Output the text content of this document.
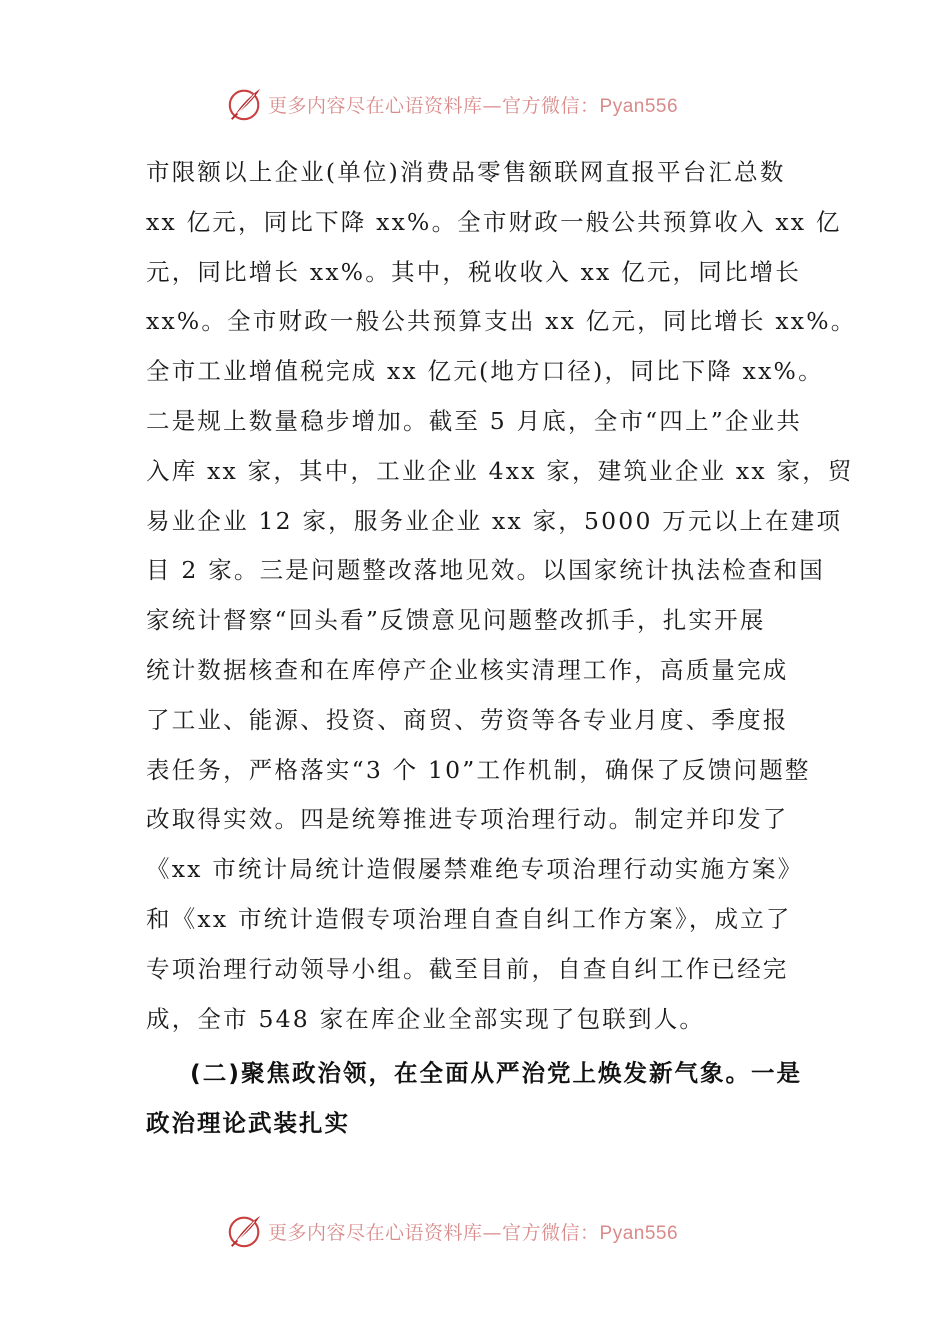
更多内容尽在心语资料库—官方微信：Pyan556
市限额以上企业(单位)消费品零售额联网直报平台汇总数
xx 亿元，同比下降 xx%。全市财政一般公共预算收入 xx 亿
元，同比增长 xx%。其中，税收收入 xx 亿元，同比增长
xx%。全市财政一般公共预算支出 xx 亿元，同比增长 xx%。
全市工业增值税完成 xx 亿元(地方口径)，同比下降 xx%。
二是规上数量稳步增加。截至 5 月底，全市“四上”企业共
入库 xx 家，其中，工业企业 4xx 家，建筑业企业 xx 家，贸
易业企业 12 家，服务业企业 xx 家，5000 万元以上在建项
目 2 家。三是问题整改落地见效。以国家统计执法检查和国
家统计督察“回头看”反馈意见问题整改抓手，扎实开展
统计数据核查和在库停产企业核实清理工作，高质量完成
了工业、能源、投资、商贸、劳资等各专业月度、季度报
表任务，严格落实“3 个 10”工作机制，确保了反馈问题整
改取得实效。四是统筹推进专项治理行动。制定并印发了
《xx 市统计局统计造假屡禁难绝专项治理行动实施方案》
和《xx 市统计造假专项治理自查自纠工作方案》，成立了
专项治理行动领导小组。截至目前，自查自纠工作已经完
成，全市 548 家在库企业全部实现了包联到人。
(二)聚焦政治领，在全面从严治党上焕发新气象。一是
政治理论武装扎实
更多内容尽在心语资料库—官方微信：Pyan556
